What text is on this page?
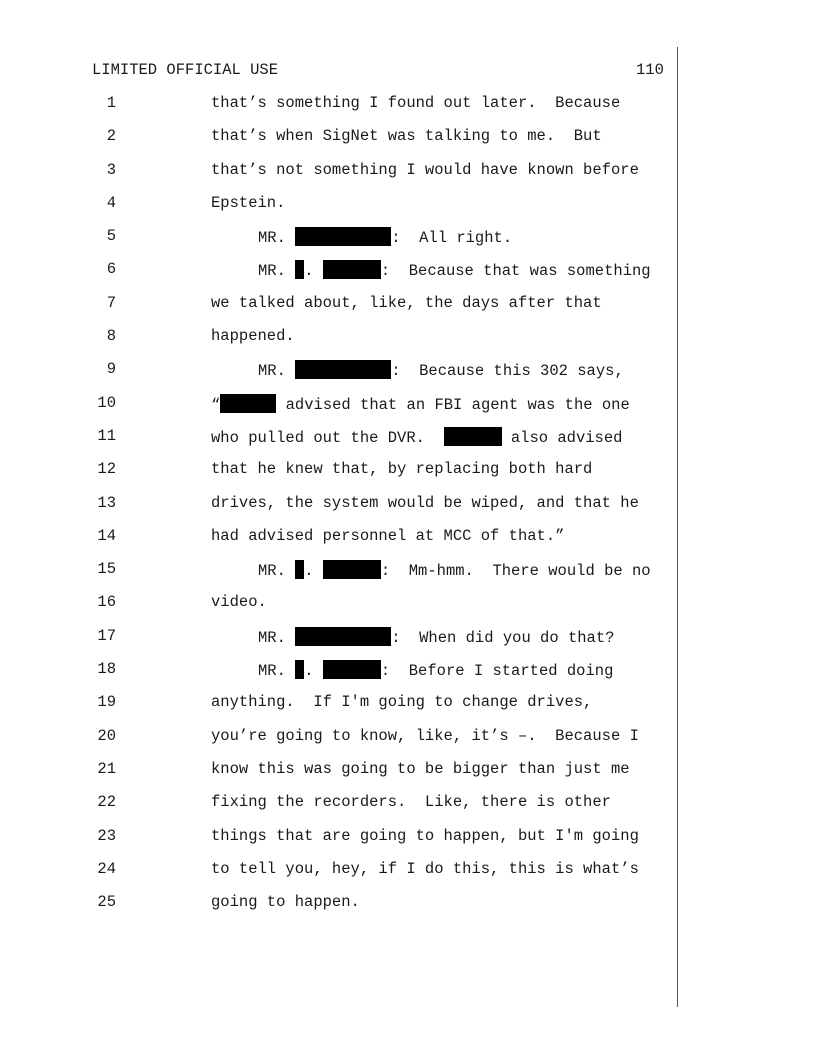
LIMITED OFFICIAL USE	110
1	that’s something I found out later.  Because
2	that’s when SigNet was talking to me.  But
3	that’s not something I would have known before
4	Epstein.
5	MR.	:  All right.
6	MR. .	:  Because that was something
7	we talked about, like, the days after that
8	happened.
9	MR.	:  Because this 302 says,
10	“	advised that an FBI agent was the one
11	who pulled out the DVR.	also advised
12	that he knew that, by replacing both hard
13	drives, the system would be wiped, and that he
14	had advised personnel at MCC of that.”
15	MR. .	:  Mm-hmm.  There would be no
16	video.
17	MR.	:  When did you do that?
18	MR. .	:  Before I started doing
19	anything.  If I'm going to change drives,
20	you’re going to know, like, it’s –.  Because I
21	know this was going to be bigger than just me
22	fixing the recorders.  Like, there is other
23	things that are going to happen, but I'm going
24	to tell you, hey, if I do this, this is what’s
25	going to happen.
